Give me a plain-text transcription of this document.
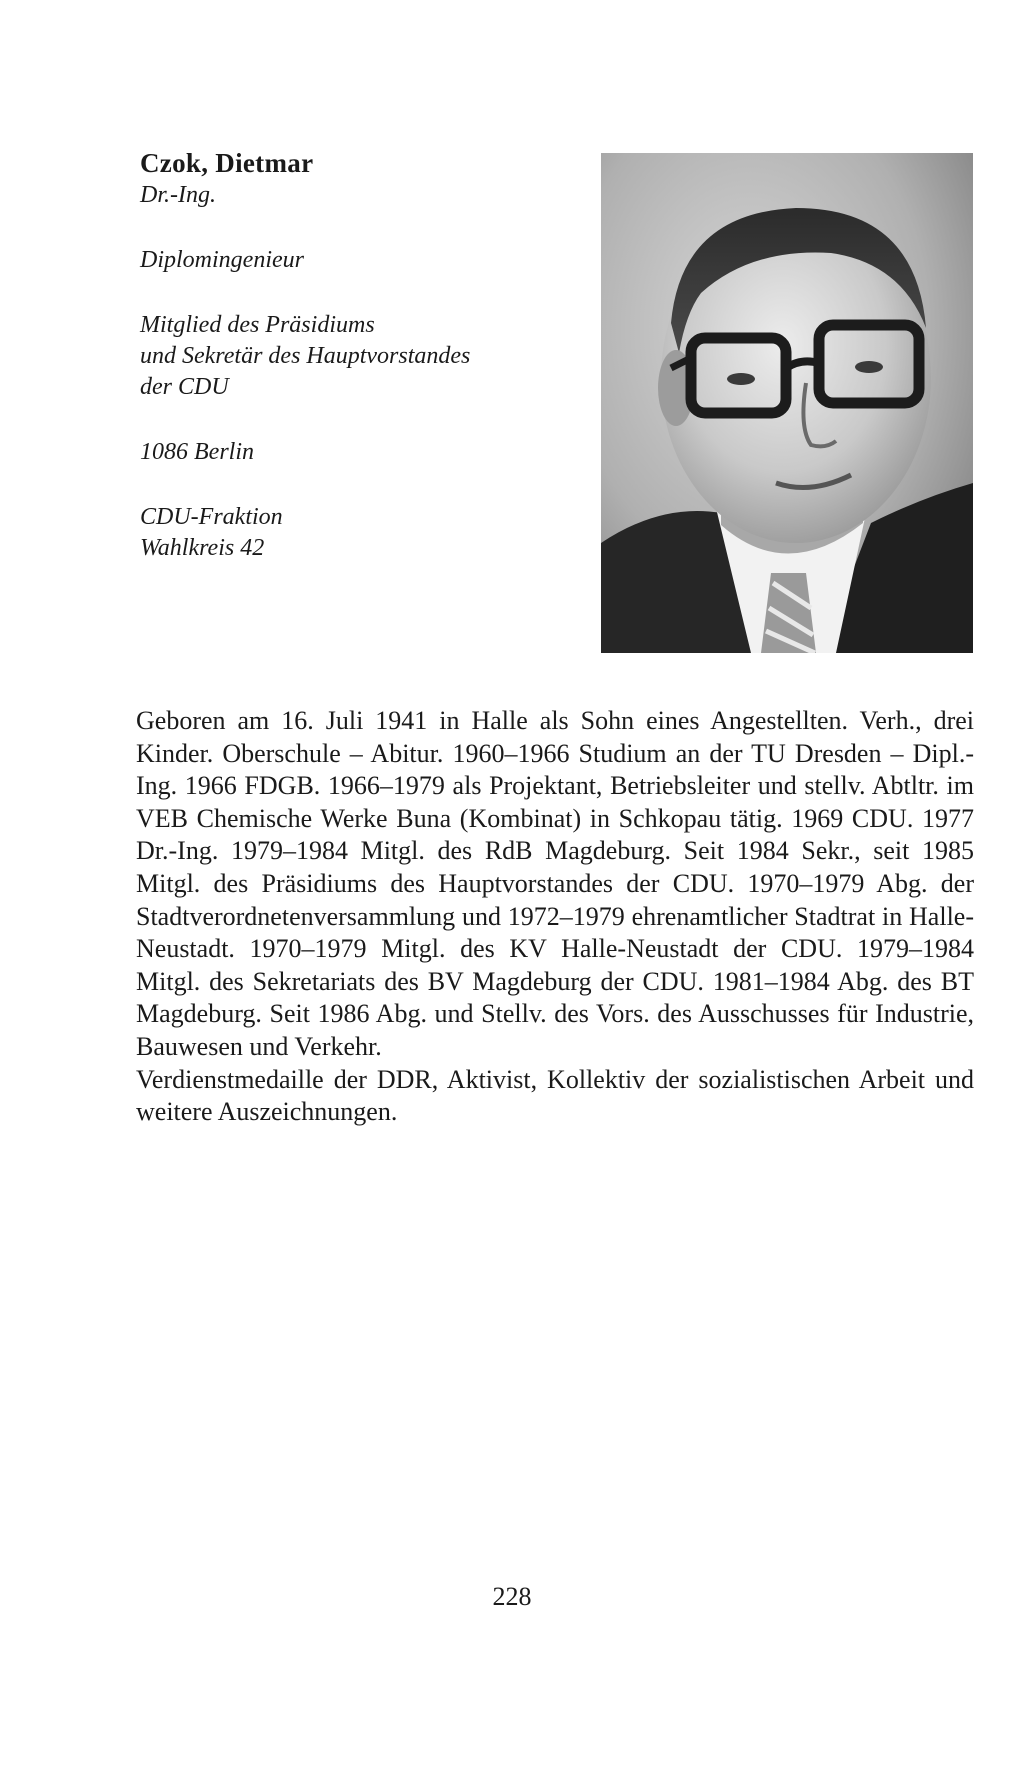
Czok, Dietmar
Dr.-Ing.
Diplomingenieur
Mitglied des Präsidiums
und Sekretär des Hauptvorstandes
der CDU
1086 Berlin
CDU-Fraktion
Wahlkreis 42

Geboren am 16. Juli 1941 in Halle als Sohn eines Angestellten. Verh., drei Kinder. Oberschule – Abitur. 1960–1966 Studium an der TU Dresden – Dipl.-Ing. 1966 FDGB. 1966–1979 als Projektant, Betriebsleiter und stellv. Abtltr. im VEB Chemische Werke Buna (Kombinat) in Schkopau tätig. 1969 CDU. 1977 Dr.-Ing. 1979–1984 Mitgl. des RdB Magdeburg. Seit 1984 Sekr., seit 1985 Mitgl. des Präsidiums des Hauptvorstandes der CDU. 1970–1979 Abg. der Stadtverordnetenversammlung und 1972–1979 ehrenamtlicher Stadtrat in Halle-Neustadt. 1970–1979 Mitgl. des KV Halle-Neustadt der CDU. 1979–1984 Mitgl. des Sekretariats des BV Magdeburg der CDU. 1981–1984 Abg. des BT Magdeburg. Seit 1986 Abg. und Stellv. des Vors. des Ausschusses für Industrie, Bauwesen und Verkehr.

Verdienstmedaille der DDR, Aktivist, Kollektiv der sozialistischen Arbeit und weitere Auszeichnungen.

228
